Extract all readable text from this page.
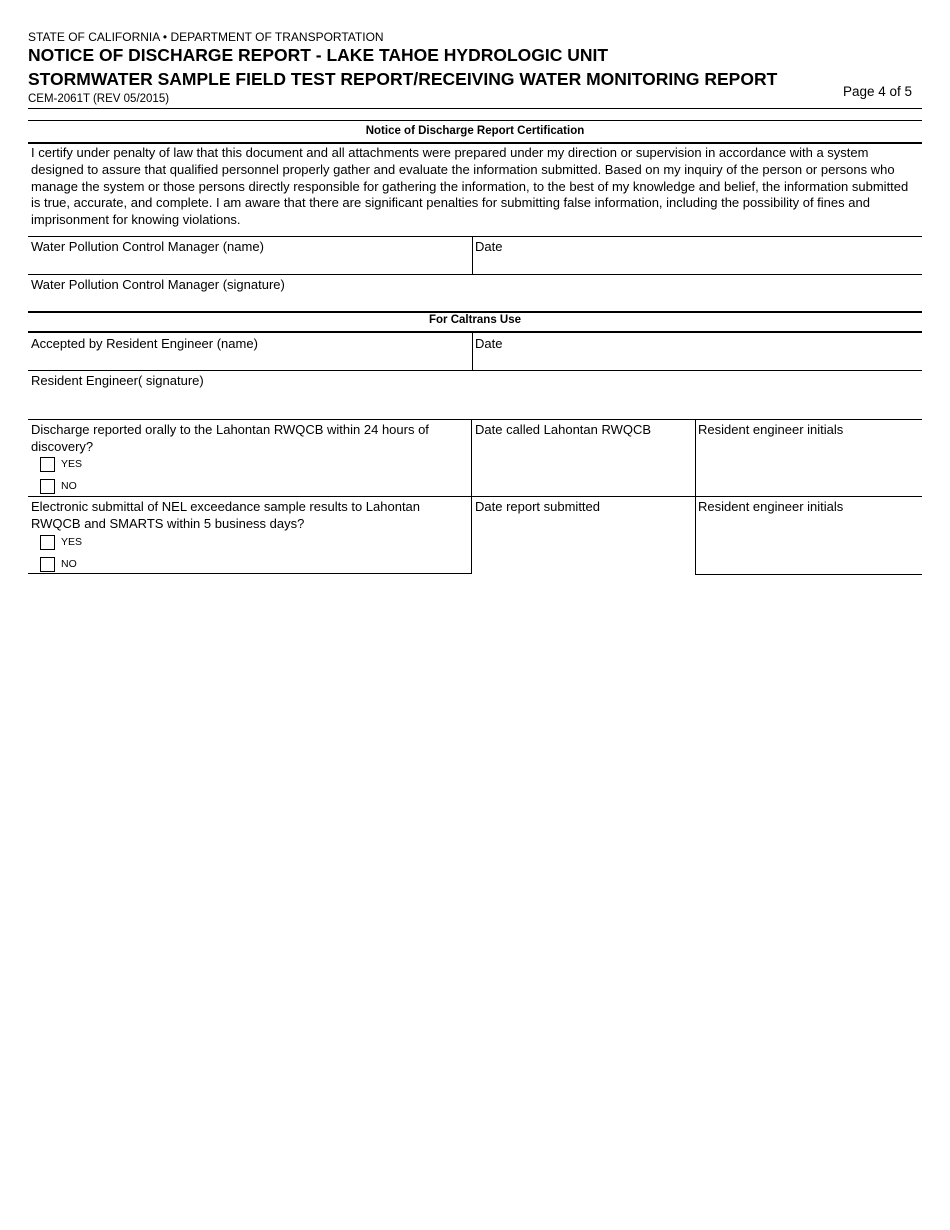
STATE OF CALIFORNIA • DEPARTMENT OF TRANSPORTATION
NOTICE OF DISCHARGE REPORT - LAKE TAHOE HYDROLOGIC UNIT
STORMWATER SAMPLE FIELD TEST REPORT/RECEIVING WATER MONITORING REPORT
CEM-2061T (REV 05/2015)	Page 4 of 5
Notice of Discharge Report Certification
I certify under penalty of law that this document and all attachments were prepared under my direction or supervision in accordance with a system designed to assure that qualified personnel properly gather and evaluate the information submitted. Based on my inquiry of the person or persons who manage the system or those persons directly responsible for gathering the information, to the best of my knowledge and belief, the information submitted is true, accurate, and complete. I am aware that there are significant penalties for submitting false information, including the possibility of fines and imprisonment for knowing violations.
Water Pollution Control Manager (name)	Date
Water Pollution Control Manager (signature)
For Caltrans Use
Accepted by Resident Engineer (name)	Date
Resident Engineer( signature)
Discharge reported orally to the Lahontan RWQCB within 24 hours of discovery?
YES
NO
Date called Lahontan RWQCB	Resident engineer initials
Electronic submittal of NEL exceedance sample results to Lahontan RWQCB and SMARTS within 5 business days?
YES
NO
Date report submitted	Resident engineer initials
